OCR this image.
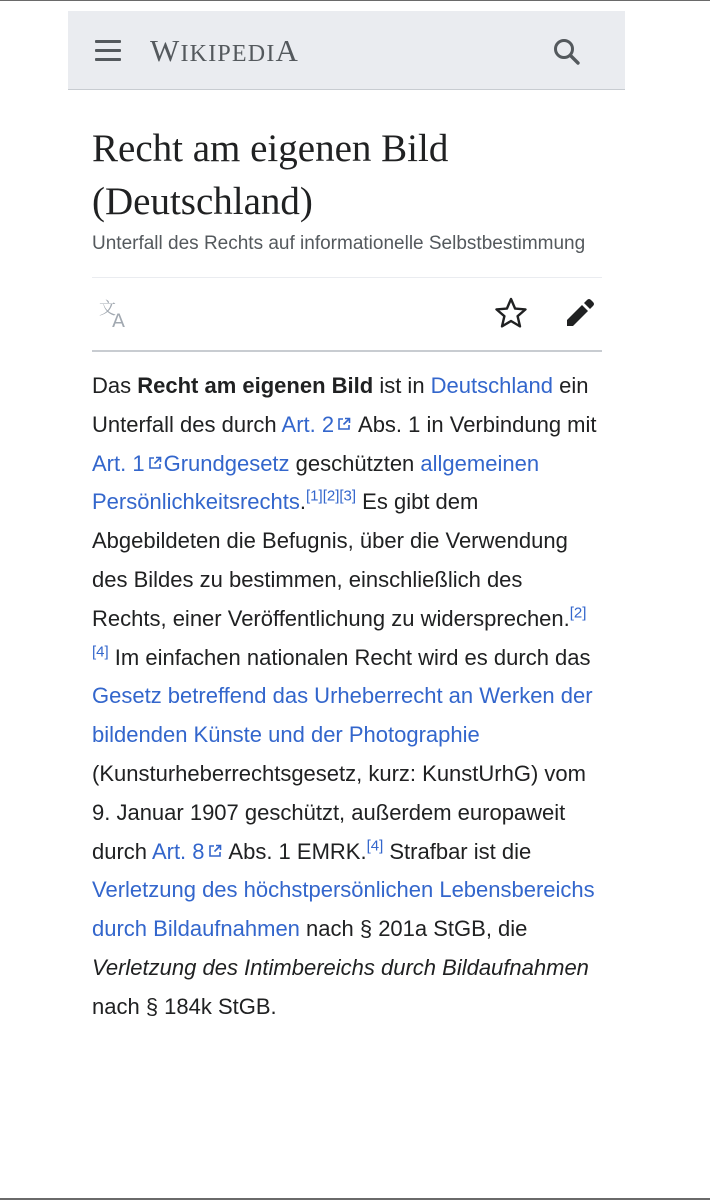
WIKIPEDIA
Recht am eigenen Bild
(Deutschland)
Unterfall des Rechts auf informationelle Selbstbestimmung
文
A
Das Recht am eigenen Bild ist in Deutschland ein Unterfall des durch Art. 2 Abs. 1 in Verbindung mit Art. 1 Grundgesetz geschützten allgemeinen Persönlichkeitsrechts.[1][2][3] Es gibt dem Abgebildeten die Befugnis, über die Verwendung des Bildes zu bestimmen, einschließlich des Rechts, einer Veröffentlichung zu widersprechen.[2][4] Im einfachen nationalen Recht wird es durch das Gesetz betreffend das Urheberrecht an Werken der bildenden Künste und der Photographie (Kunsturheberrechtsgesetz, kurz: KunstUrhG) vom 9. Januar 1907 geschützt, außerdem europaweit durch Art. 8 Abs. 1 EMRK.[4] Strafbar ist die Verletzung des höchstpersönlichen Lebensbereichs durch Bildaufnahmen nach § 201a StGB, die Verletzung des Intimbereichs durch Bildaufnahmen nach § 184k StGB.
